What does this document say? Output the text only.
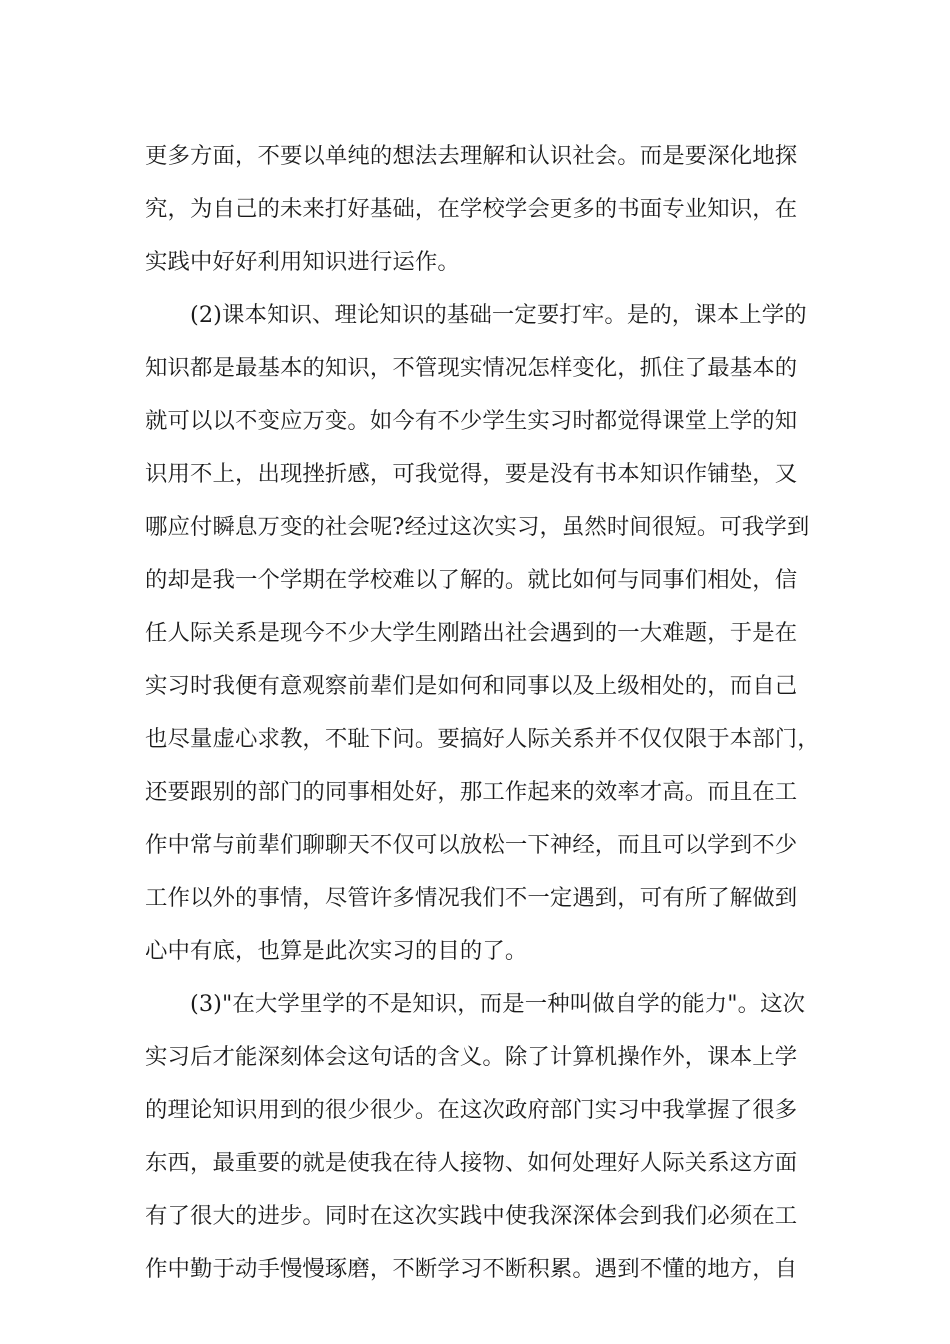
更多方面，不要以单纯的想法去理解和认识社会。而是要深化地探
究，为自己的未来打好基础，在学校学会更多的书面专业知识，在
实践中好好利用知识进行运作。
　　(2)课本知识、理论知识的基础一定要打牢。是的，课本上学的
知识都是最基本的知识，不管现实情况怎样变化，抓住了最基本的
就可以以不变应万变。如今有不少学生实习时都觉得课堂上学的知
识用不上，出现挫折感，可我觉得，要是没有书本知识作铺垫，又
哪应付瞬息万变的社会呢?经过这次实习，虽然时间很短。可我学到
的却是我一个学期在学校难以了解的。就比如何与同事们相处，信
任人际关系是现今不少大学生刚踏出社会遇到的一大难题，于是在
实习时我便有意观察前辈们是如何和同事以及上级相处的，而自己
也尽量虚心求教，不耻下问。要搞好人际关系并不仅仅限于本部门，
还要跟别的部门的同事相处好，那工作起来的效率才高。而且在工
作中常与前辈们聊聊天不仅可以放松一下神经，而且可以学到不少
工作以外的事情，尽管许多情况我们不一定遇到，可有所了解做到
心中有底，也算是此次实习的目的了。
　　(3)"在大学里学的不是知识，而是一种叫做自学的能力"。这次
实习后才能深刻体会这句话的含义。除了计算机操作外，课本上学
的理论知识用到的很少很少。在这次政府部门实习中我掌握了很多
东西，最重要的就是使我在待人接物、如何处理好人际关系这方面
有了很大的进步。同时在这次实践中使我深深体会到我们必须在工
作中勤于动手慢慢琢磨，不断学习不断积累。遇到不懂的地方，自
